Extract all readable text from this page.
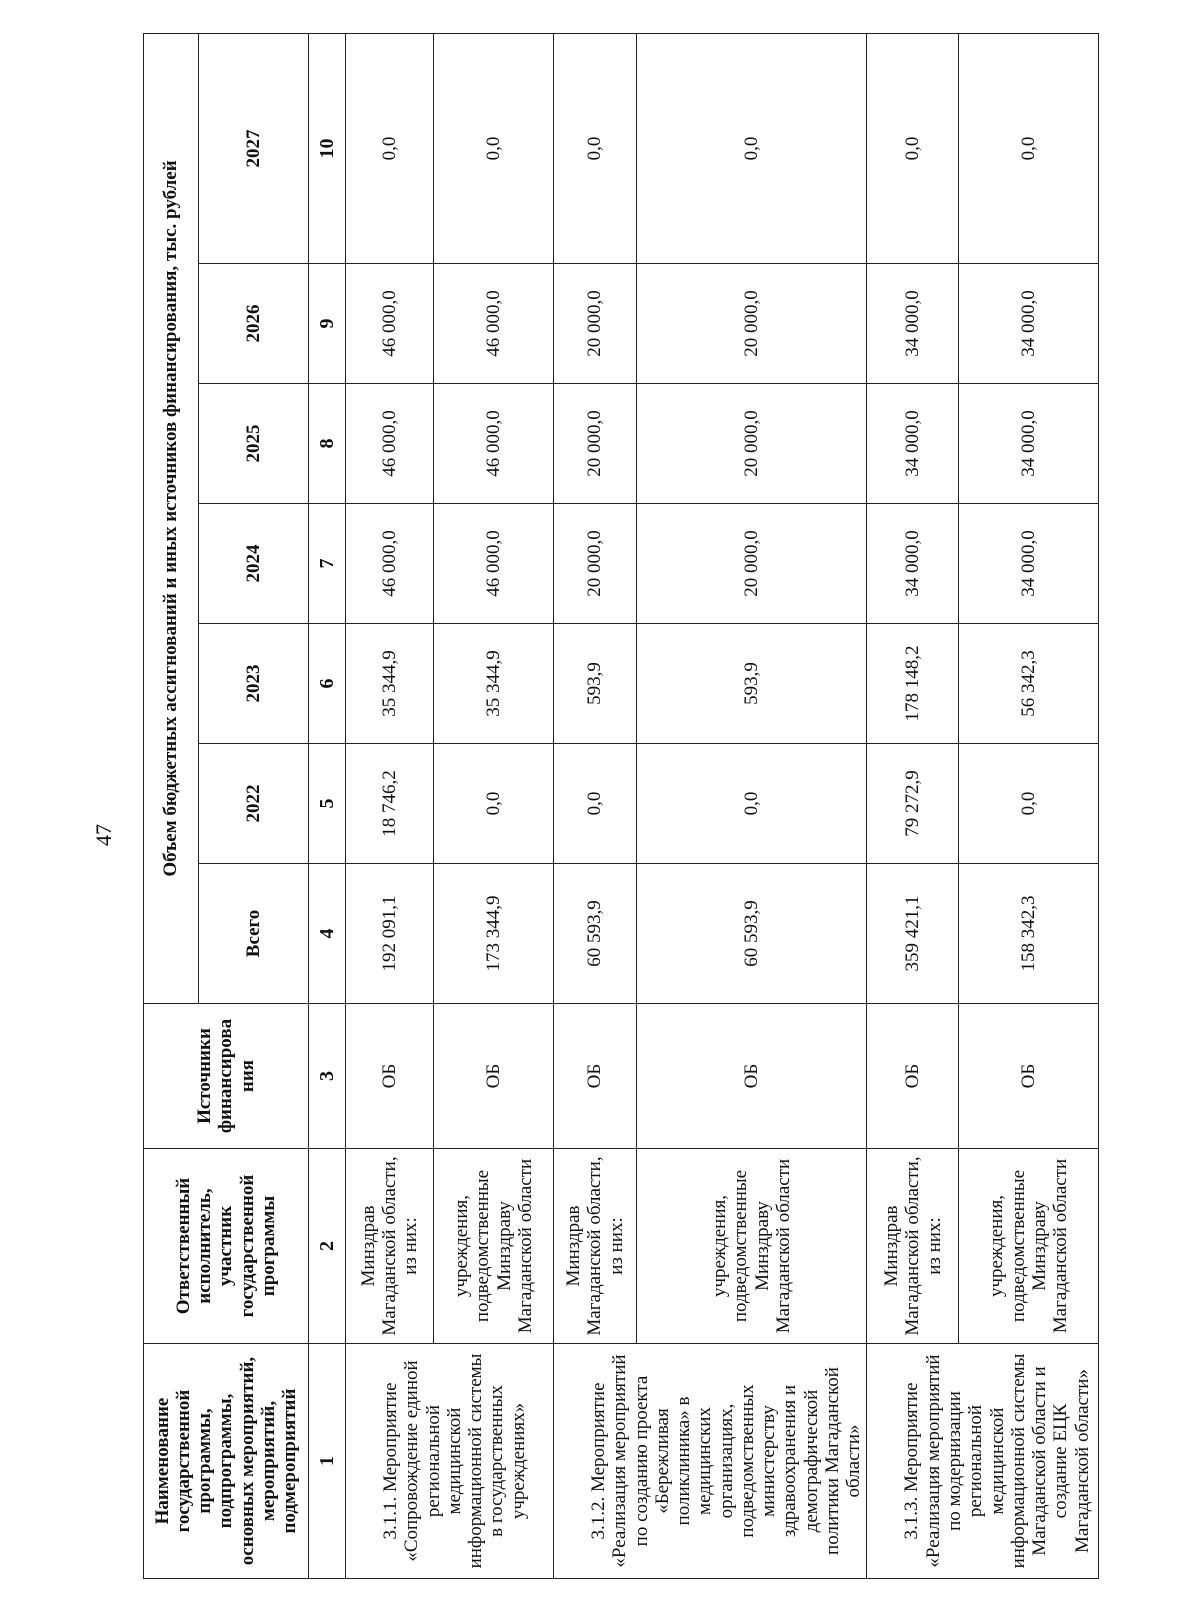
47
Наименование государственной программы, подпрограммы, основных мероприятий, мероприятий, подмероприятий	Ответственный исполнитель, участник государственной программы	Источники финансирова ния	Объем бюджетных ассигнований и иных источников финансирования, тыс. рублей						
			Всего	2022	2023	2024	2025	2026	2027
1	2	3	4	5	6	7	8	9	10
3.1.1. Мероприятие «Сопровождение единой региональной медицинской информационной системы в государственных учреждениях»	Минздрав Магаданской области, из них:	ОБ	192 091,1	18 746,2	35 344,9	46 000,0	46 000,0	46 000,0	0,0
	учреждения, подведомственные Минздраву Магаданской области	ОБ	173 344,9	0,0	35 344,9	46 000,0	46 000,0	46 000,0	0,0
3.1.2. Мероприятие «Реализация мероприятий по созданию проекта «Бережливая поликлиника» в медицинских организациях, подведомственных министерству здравоохранения и демографической политики Магаданской области»	Минздрав Магаданской области, из них:	ОБ	60 593,9	0,0	593,9	20 000,0	20 000,0	20 000,0	0,0
	учреждения, подведомственные Минздраву Магаданской области	ОБ	60 593,9	0,0	593,9	20 000,0	20 000,0	20 000,0	0,0
3.1.3. Мероприятие «Реализация мероприятий по модернизации региональной медицинской информационной системы Магаданской области и создание ЕЦК Магаданской области»	Минздрав Магаданской области, из них:	ОБ	359 421,1	79 272,9	178 148,2	34 000,0	34 000,0	34 000,0	0,0
	учреждения, подведомственные Минздраву Магаданской области	ОБ	158 342,3	0,0	56 342,3	34 000,0	34 000,0	34 000,0	0,0
